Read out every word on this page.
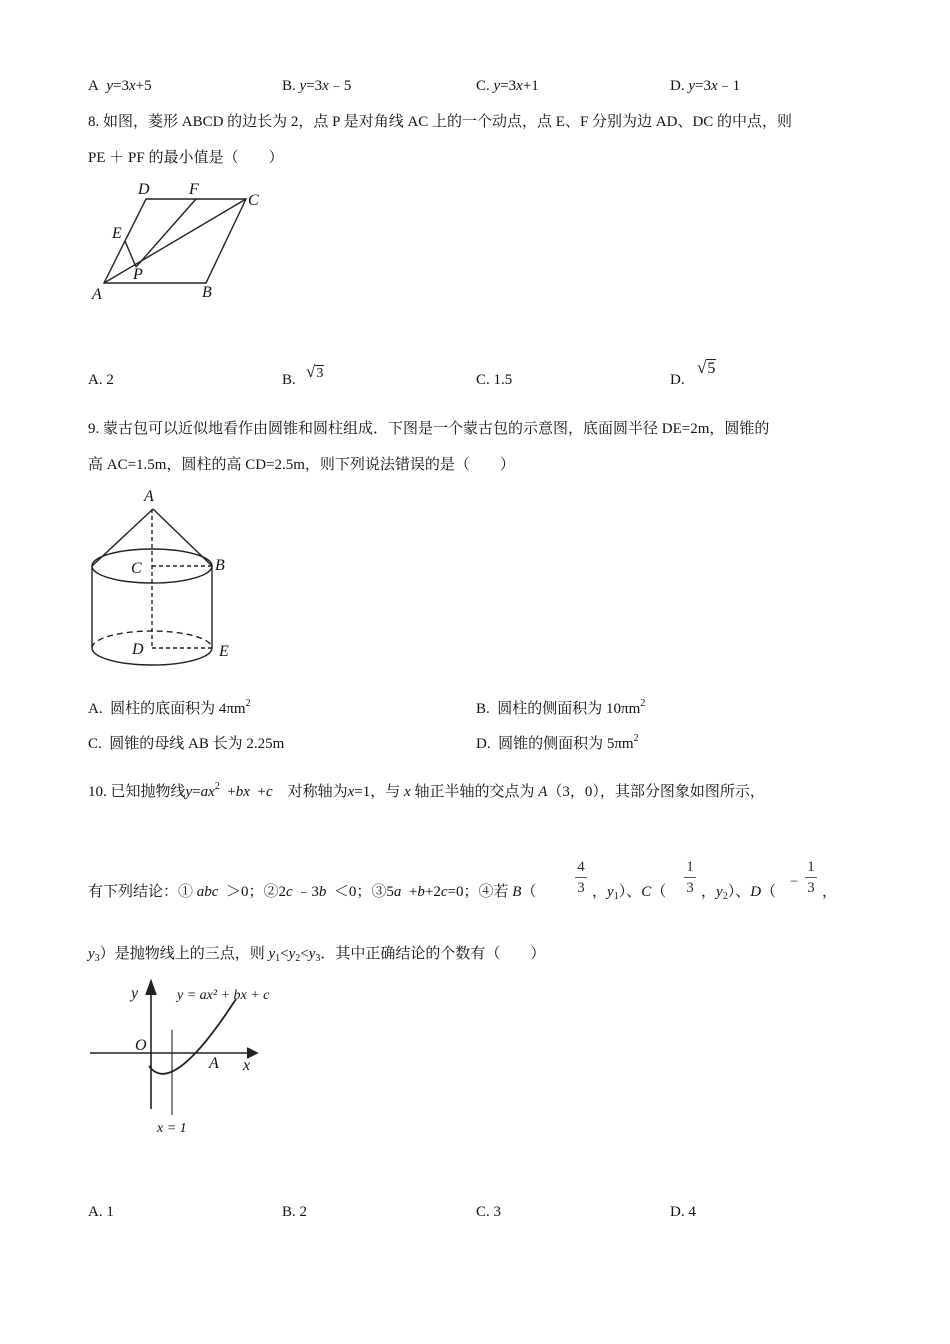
A y=3x+5	B. y=3x﹣5	C. y=3x+1	D. y=3x﹣1
8. 如图，菱形 ABCD 的边长为 2，点 P 是对角线 AC 上的一个动点，点 E、F 分别为边 AD、DC 的中点，则
PE ＋ PF 的最小值是（　　）
D F
C
E
P
A	B
A. 2	B. √3	C. 1.5	D.
√5
9. 蒙古包可以近似地看作由圆锥和圆柱组成．下图是一个蒙古包的示意图，底面圆半径 DE=2m，圆锥的
高 AC=1.5m，圆柱的高 CD=2.5m，则下列说法错误的是（　　）
A
C	B
D	E
A. 圆柱的底面积为 $4\pi m^2$	B. 圆柱的侧面积为 $10\pi m^2$
C. 圆锥的母线 AB 长为 2.25m	D. 圆锥的侧面积为 $5\pi m^2$
10. 已知抛物线$y=ax^2 +bx +c$ 对称轴为x=1，与 x 轴正半轴的交点为 A（3，0），其部分图象如图所示，
有下列结论：① abc ＞0；②2c ﹣3b ＜0；③5a +b+2c=0；④若 B（
4
3 ，$y_1$）、C（
1
3 ，$y_2$）、D（
−
1
3 ，
$y_3$）是抛物线上的三点，则 $y_1<y_2<y_3$．其中正确结论的个数有（　　）
y
x
O
A
y = ax² + bx + c
x = 1
A. 1	B. 2	C. 3	D. 4
